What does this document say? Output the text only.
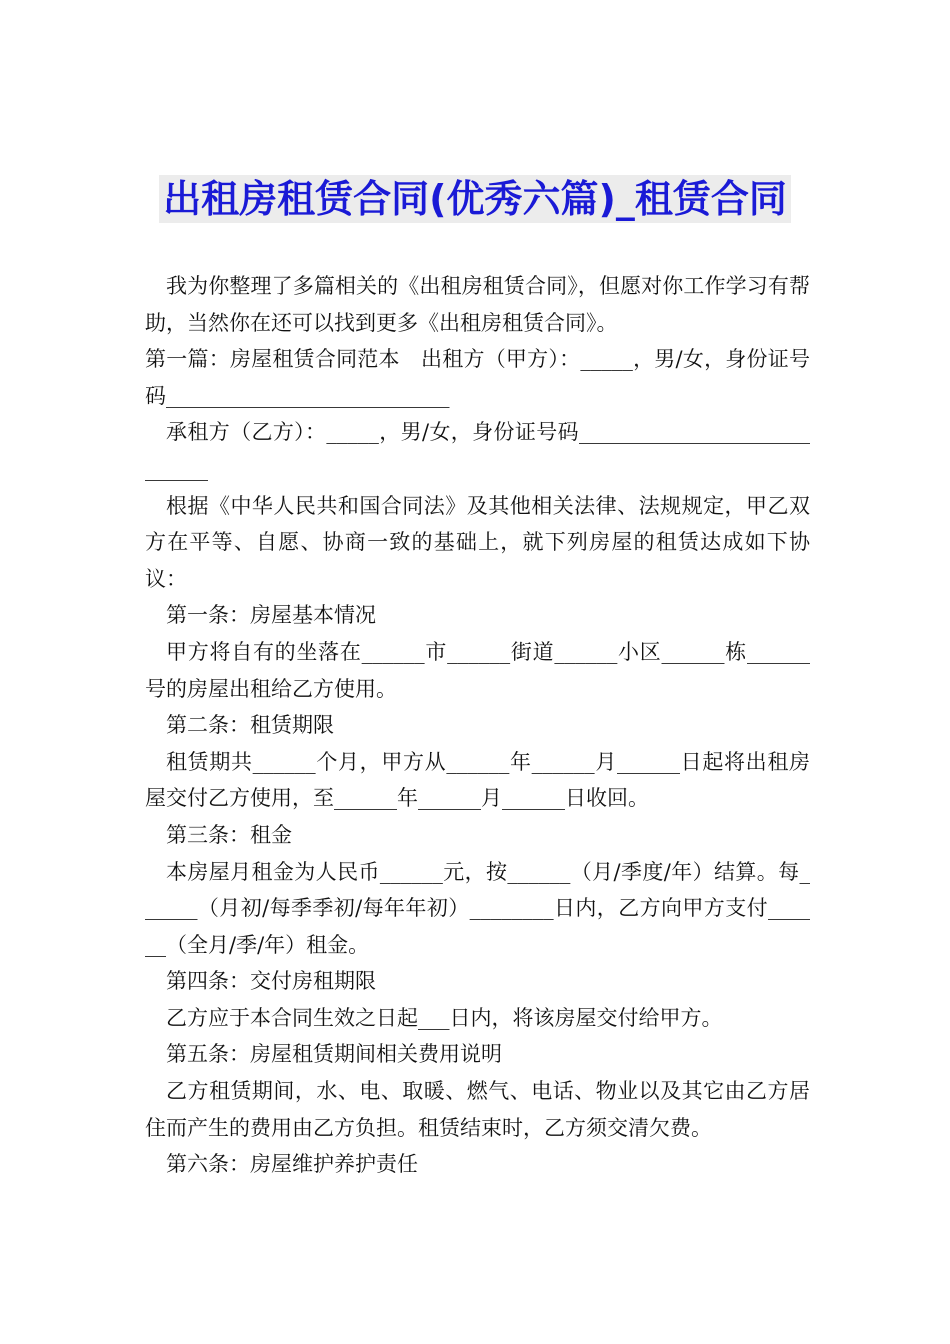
出租房租赁合同(优秀六篇)_租赁合同

我为你整理了多篇相关的《出租房租赁合同》，但愿对你工作学习有帮助，当然你在还可以找到更多《出租房租赁合同》。

第一篇：房屋租赁合同范本　出租方（甲方）：_____，男/女，身份证号码___________________________

承租方（乙方）：_____，男/女，身份证号码____________________________

根据《中华人民共和国合同法》及其他相关法律、法规规定，甲乙双方在平等、自愿、协商一致的基础上，就下列房屋的租赁达成如下协议：

第一条：房屋基本情况

甲方将自有的坐落在______市______街道______小区______栋______号的房屋出租给乙方使用。

第二条：租赁期限

租赁期共______个月，甲方从______年______月______日起将出租房屋交付乙方使用，至______年______月______日收回。

第三条：租金

本房屋月租金为人民币______元，按______（月/季度/年）结算。每______（月初/每季季初/每年年初）________日内，乙方向甲方支付______（全月/季/年）租金。

第四条：交付房租期限

乙方应于本合同生效之日起___日内，将该房屋交付给甲方。

第五条：房屋租赁期间相关费用说明

乙方租赁期间，水、电、取暖、燃气、电话、物业以及其它由乙方居住而产生的费用由乙方负担。租赁结束时，乙方须交清欠费。

第六条：房屋维护养护责任
